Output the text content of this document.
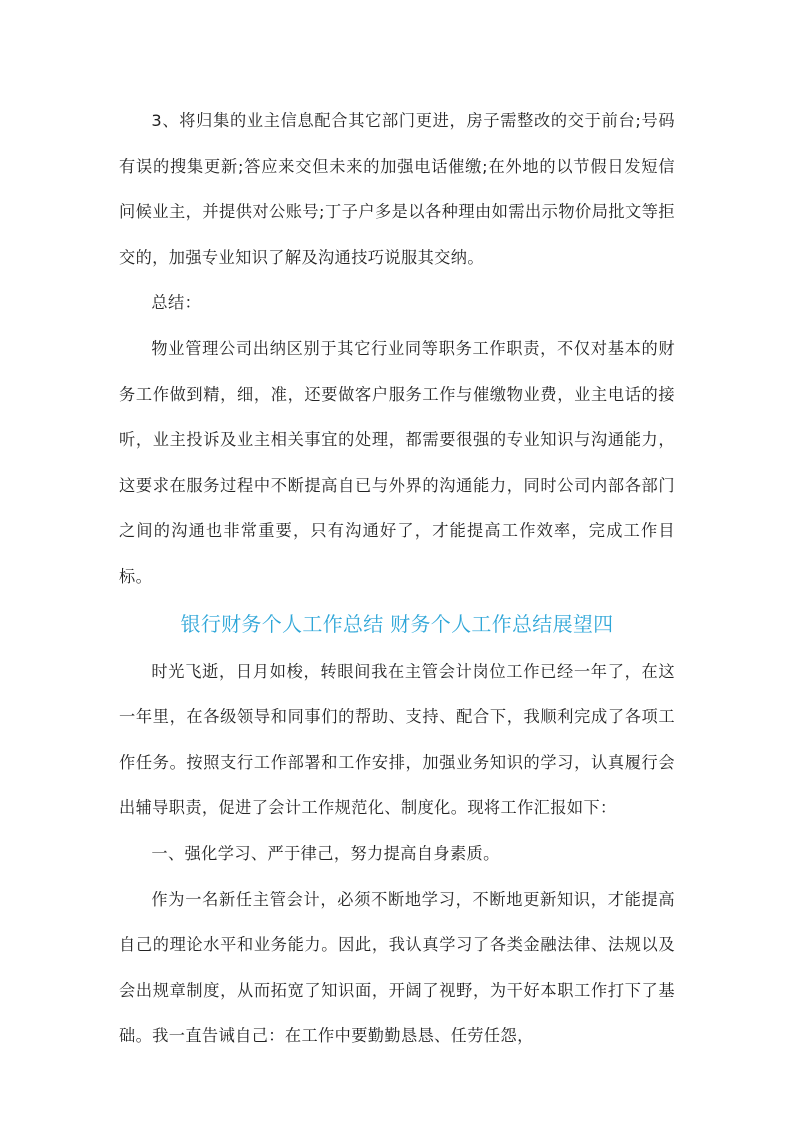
3、将归集的业主信息配合其它部门更进，房子需整改的交于前台;号码有误的搜集更新;答应来交但未来的加强电话催缴;在外地的以节假日发短信问候业主，并提供对公账号;丁子户多是以各种理由如需出示物价局批文等拒交的，加强专业知识了解及沟通技巧说服其交纳。

总结：

物业管理公司出纳区别于其它行业同等职务工作职责，不仅对基本的财务工作做到精，细，准，还要做客户服务工作与催缴物业费，业主电话的接听，业主投诉及业主相关事宜的处理，都需要很强的专业知识与沟通能力，这要求在服务过程中不断提高自已与外界的沟通能力，同时公司内部各部门之间的沟通也非常重要，只有沟通好了，才能提高工作效率，完成工作目标。

银行财务个人工作总结 财务个人工作总结展望四

时光飞逝，日月如梭，转眼间我在主管会计岗位工作已经一年了，在这一年里，在各级领导和同事们的帮助、支持、配合下，我顺利完成了各项工作任务。按照支行工作部署和工作安排，加强业务知识的学习，认真履行会出辅导职责，促进了会计工作规范化、制度化。现将工作汇报如下：

一、强化学习、严于律己，努力提高自身素质。

作为一名新任主管会计，必须不断地学习，不断地更新知识，才能提高自己的理论水平和业务能力。因此，我认真学习了各类金融法律、法规以及会出规章制度，从而拓宽了知识面，开阔了视野，为干好本职工作打下了基础。我一直告诫自己：在工作中要勤勤恳恳、任劳任怨，
